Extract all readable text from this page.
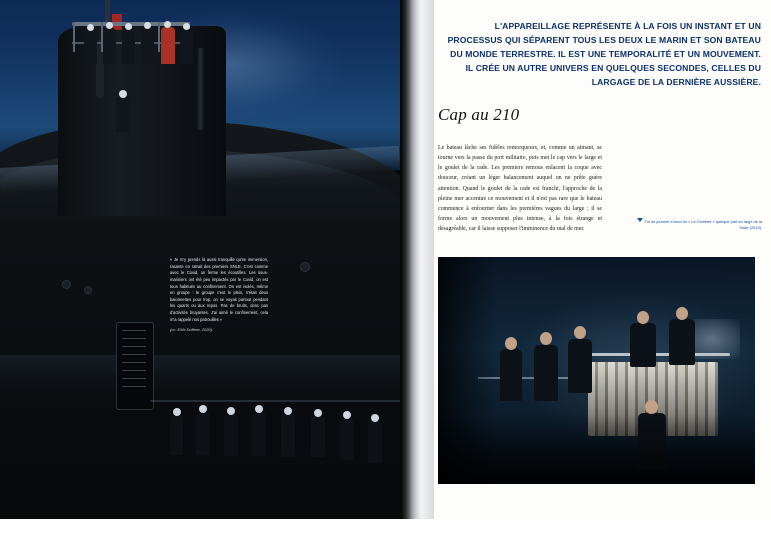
« Je m'y prends là aussi tranquille qu'en immersion, rasante en ratrait des premiers SNLE. C'est comme avec le Covid, on ferme les écoutilles. Les sous-mariniers ont été peu impactés par le Covid, on est tous habitués au confinement. On est isolés, même en groupe : le groupe c'est le plein, n'était deux baionnettes pour trop, on se voyait partout pendant les quarts ou aux repos. Pas de bruits, donc pas d'activités bruyantes. J'ai aimé le confinement, cela m'a rappelé nos patrouilles »
(cc: EMx Duffner, 2020).
L'APPAREILLAGE REPRÉSENTE À LA FOIS UN INSTANT ET UN PROCESSUS QUI SÉPARENT TOUS LES DEUX LE MARIN ET SON BATEAU DU MONDE TERRESTRE. IL EST UNE TEMPORALITÉ ET UN MOUVEMENT. IL CRÉE UN AUTRE UNIVERS EN QUELQUES SECONDES, CELLES DU LARGAGE DE LA DERNIÈRE AUSSIÈRE.
Cap au 210
Le bateau lâche ses fidèles remorqueurs, et, comme un aimant, se tourne vers la passe du port militaire, puis met le cap vers le large et le goulet de la rade. Les premiers remous enlacent la coque avec douceur, créant un léger balancement auquel on ne prête guère attention. Quand le goulet de la rade est franchi, l'approche de la pleine mer accentue ce mouvement et il n'est pas rare que le bateau commence à enfourner dans les premières vagues du large ; il se forme alors un mouvement plus intense, à la fois étrange et désagréable, car il laisse supposer l'imminence du mal de mer.
Fin de journée à bord du « La Gloriette » quelque part au large de la Sicile (2019).
